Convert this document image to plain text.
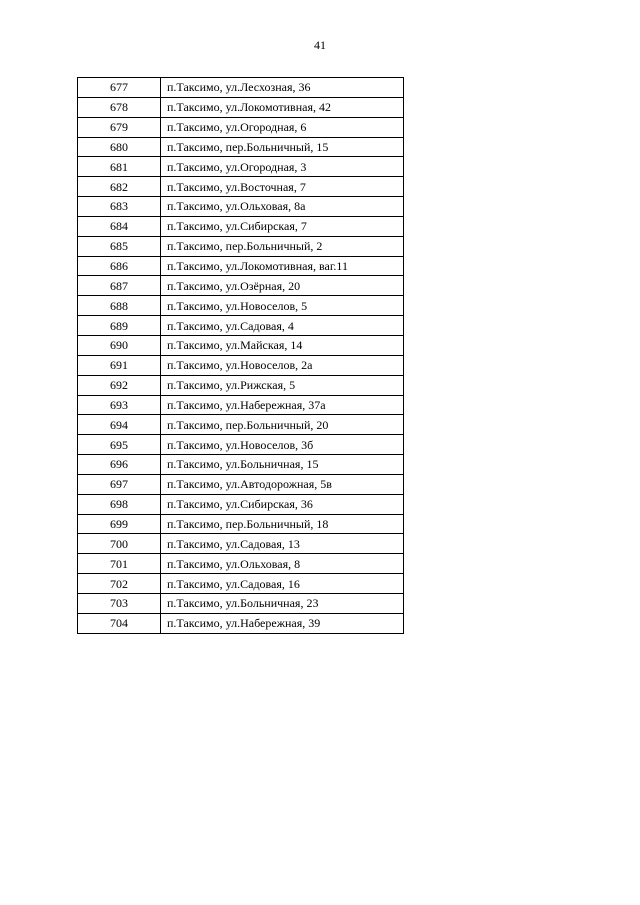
41
677	п.Таксимо, ул.Лесхозная, 36
678	п.Таксимо, ул.Локомотивная, 42
679	п.Таксимо, ул.Огородная, 6
680	п.Таксимо, пер.Больничный, 15
681	п.Таксимо, ул.Огородная, 3
682	п.Таксимо, ул.Восточная, 7
683	п.Таксимо, ул.Ольховая, 8а
684	п.Таксимо, ул.Сибирская, 7
685	п.Таксимо, пер.Больничный, 2
686	п.Таксимо, ул.Локомотивная, ваг.11
687	п.Таксимо, ул.Озёрная, 20
688	п.Таксимо, ул.Новоселов, 5
689	п.Таксимо, ул.Садовая, 4
690	п.Таксимо, ул.Майская, 14
691	п.Таксимо, ул.Новоселов, 2а
692	п.Таксимо, ул.Рижская, 5
693	п.Таксимо, ул.Набережная, 37а
694	п.Таксимо, пер.Больничный, 20
695	п.Таксимо, ул.Новоселов, 3б
696	п.Таксимо, ул.Больничная, 15
697	п.Таксимо, ул.Автодорожная, 5в
698	п.Таксимо, ул.Сибирская, 36
699	п.Таксимо, пер.Больничный, 18
700	п.Таксимо, ул.Садовая, 13
701	п.Таксимо, ул.Ольховая, 8
702	п.Таксимо, ул.Садовая, 16
703	п.Таксимо, ул.Больничная, 23
704	п.Таксимо, ул.Набережная, 39
